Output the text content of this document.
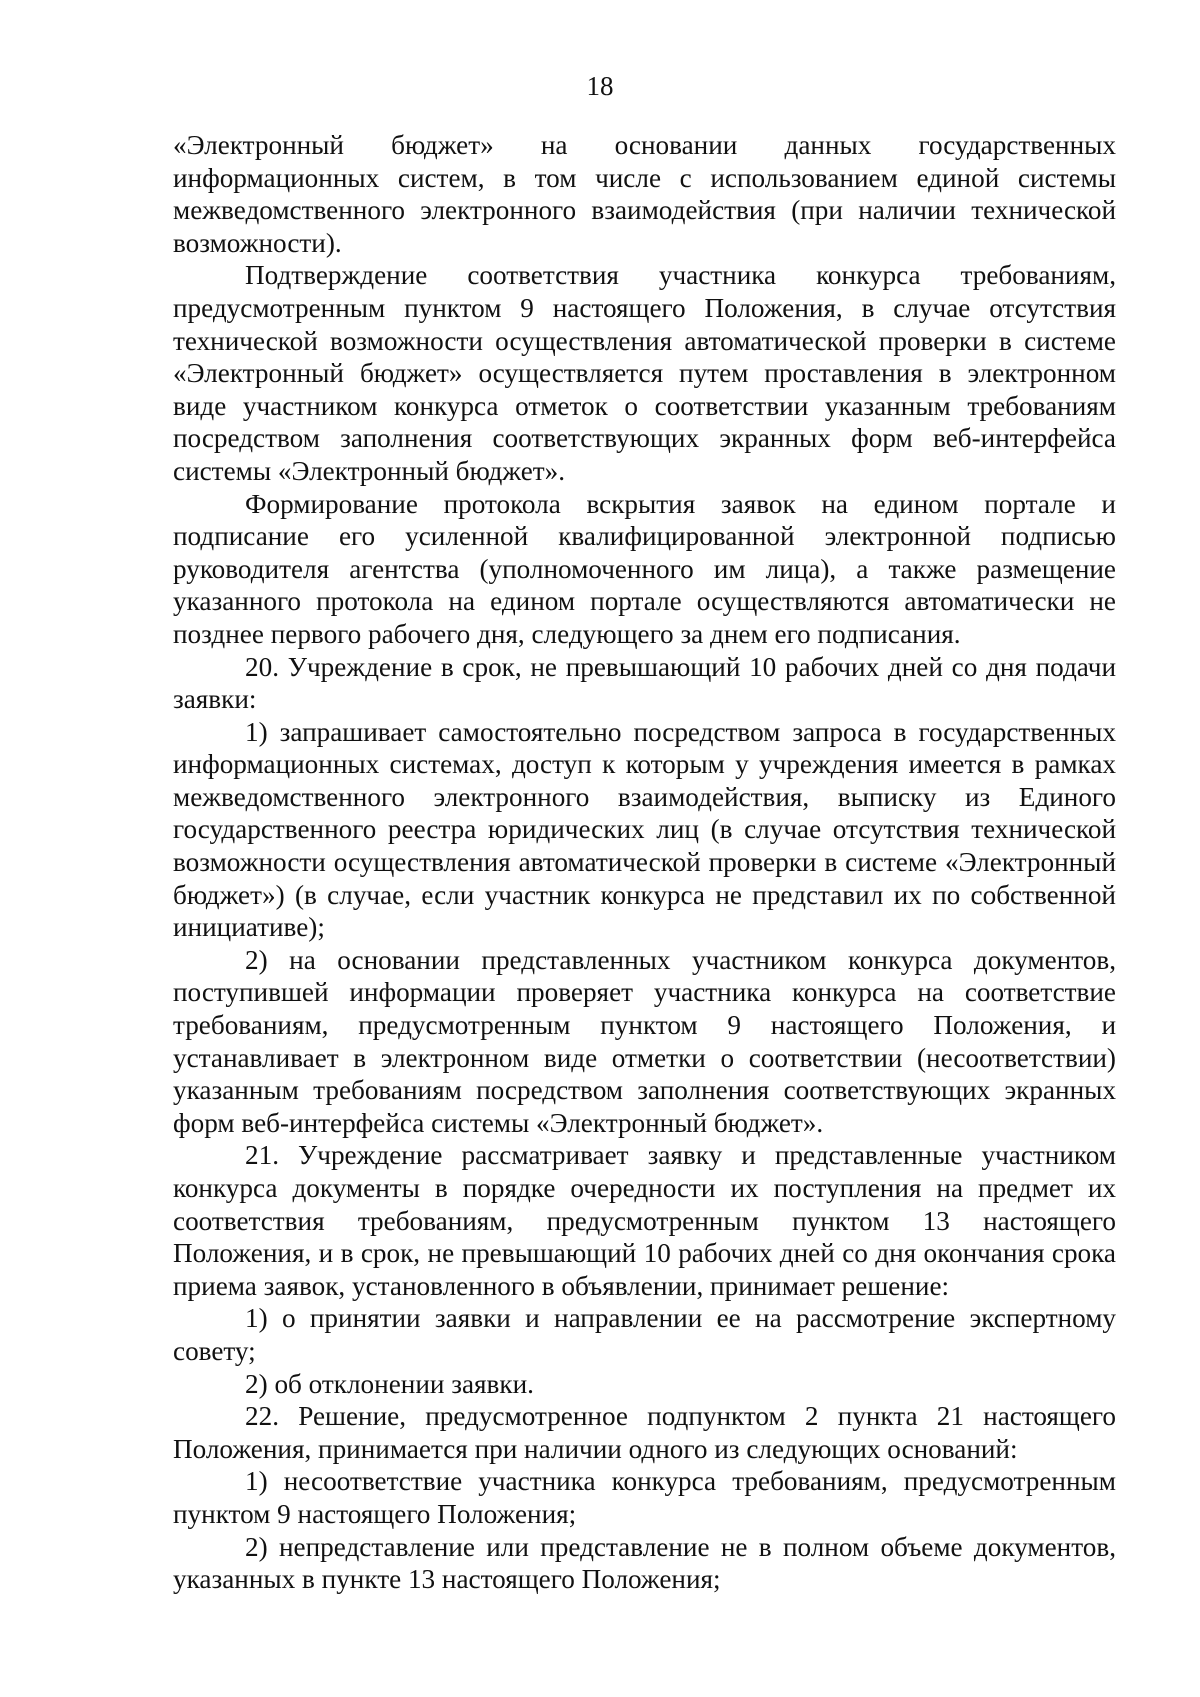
18

«Электронный бюджет» на основании данных государственных информационных систем, в том числе с использованием единой системы межведомственного электронного взаимодействия (при наличии технической возможности).

Подтверждение соответствия участника конкурса требованиям, предусмотренным пунктом 9 настоящего Положения, в случае отсутствия технической возможности осуществления автоматической проверки в системе «Электронный бюджет» осуществляется путем проставления в электронном виде участником конкурса отметок о соответствии указанным требованиям посредством заполнения соответствующих экранных форм веб-интерфейса системы «Электронный бюджет».

Формирование протокола вскрытия заявок на едином портале и подписание его усиленной квалифицированной электронной подписью руководителя агентства (уполномоченного им лица), а также размещение указанного протокола на едином портале осуществляются автоматически не позднее первого рабочего дня, следующего за днем его подписания.

20. Учреждение в срок, не превышающий 10 рабочих дней со дня подачи заявки:

1) запрашивает самостоятельно посредством запроса в государственных информационных системах, доступ к которым у учреждения имеется в рамках межведомственного электронного взаимодействия, выписку из Единого государственного реестра юридических лиц (в случае отсутствия технической возможности осуществления автоматической проверки в системе «Электронный бюджет») (в случае, если участник конкурса не представил их по собственной инициативе);

2) на основании представленных участником конкурса документов, поступившей информации проверяет участника конкурса на соответствие требованиям, предусмотренным пунктом 9 настоящего Положения, и устанавливает в электронном виде отметки о соответствии (несоответствии) указанным требованиям посредством заполнения соответствующих экранных форм веб-интерфейса системы «Электронный бюджет».

21. Учреждение рассматривает заявку и представленные участником конкурса документы в порядке очередности их поступления на предмет их соответствия требованиям, предусмотренным пунктом 13 настоящего Положения, и в срок, не превышающий 10 рабочих дней со дня окончания срока приема заявок, установленного в объявлении, принимает решение:

1) о принятии заявки и направлении ее на рассмотрение экспертному совету;

2) об отклонении заявки.

22. Решение, предусмотренное подпунктом 2 пункта 21 настоящего Положения, принимается при наличии одного из следующих оснований:

1) несоответствие участника конкурса требованиям, предусмотренным пунктом 9 настоящего Положения;

2) непредставление или представление не в полном объеме документов, указанных в пункте 13 настоящего Положения;
